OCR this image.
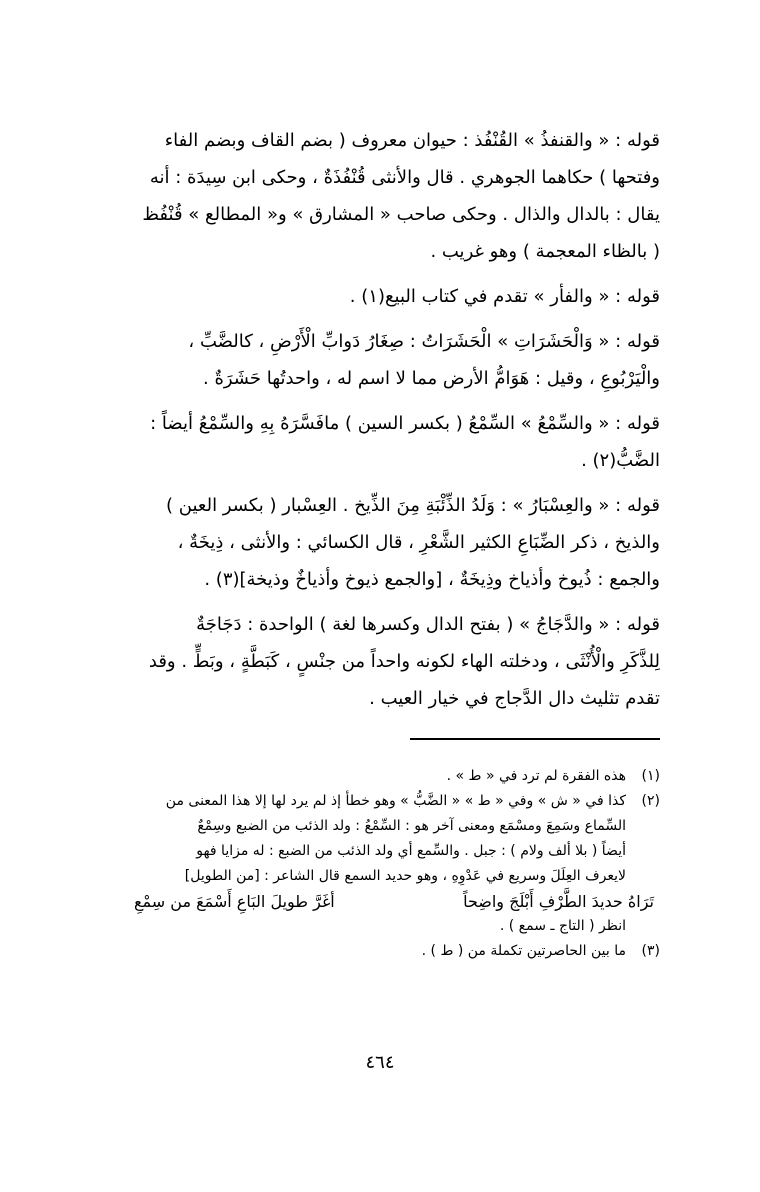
قوله : « والقنفذُ » القُنْفُذ : حيوان معروف ( بضم القاف وبضم الفاء
وفتحها ) حكاهما الجوهري . قال والأنثى قُنْفُذَةٌ ، وحكى ابن سِيدَة : أنه
يقال : بالدال والذال . وحكى صاحب « المشارق » و« المطالع » قُنْفُظ
( بالظاء المعجمة ) وهو غريب .

قوله : « والفأر » تقدم في كتاب البيع(١) .

قوله : « وَالْحَشَرَاتِ » الْحَشَرَاتُ : صِغَارُ دَوابِّ الْأَرْضِ ، كالضَّبِّ ،
والْيَرْبُوعِ ، وقيل : هَوَامُّ الأرض مما لا اسم له ، واحدتُها حَشَرَةٌ .

قوله : « والسِّمْعُ » السِّمْعُ ( بكسر السين ) مافَسَّرَهُ بِهِ والسِّمْعُ أيضاً :
الضَّبُّ(٢) .

قوله : « والعِسْبَارُ » : وَلَدُ الذِّئْبَةِ مِنَ الذِّيخ . العِسْبار ( بكسر العين )
والذيخ ، ذكر الضِّبَاعِ الكثير الشَّعْرِ ، قال الكسائي : والأنثى ، ذِيخَةٌ ،
والجمع : ذُيوخ وأذياخ وذِيخَةٌ ، [والجمع ذيوخ وأذياخٌ وذيخة](٣) .

قوله : « والدَّجَاجُ » ( بفتح الدال وكسرها لغة ) الواحدة : دَجَاجَةٌ
لِلذَّكَرِ والْأُنْثَى ، ودخلته الهاء لكونه واحداً من جنْسٍ ، كَبَطَّةٍ ، وبَطٍّ . وقد
تقدم تثليث دال الدَّجاج في خيار العيب .

(١)
هذه الفقرة لم ترد في « ط » .
(٢)
كذا في « ش » وفي « ط » « الضَّبُّ » وهو خطأ إذ لم يرد لها إلا هذا المعنى من
السِّماع وسَمِعَ ومسْمَع ومعنى آخر هو : السِّمْعُ : ولد الذئب من الضبع وسِمْعٌ
أيضاً ( بلا ألف ولام ) : جبل . والسِّمع أي ولد الذئب من الضبع : له مزايا فهو
لايعرف العِلَلَ وسريع في عَدْوِهِ ، وهو حديد السمع قال الشاعر : [من الطويل]
تَرَاهُ حديدَ الطَّرْفِ أَبْلَجَ واضِحاً
أغَرَّ طويلَ البَاعِ أَسْمَعَ من سِمْعِ
انظر ( التاج ـ سمع ) .
(٣)
ما بين الحاصرتين تكملة من ( ط ) .
٤٦٤
